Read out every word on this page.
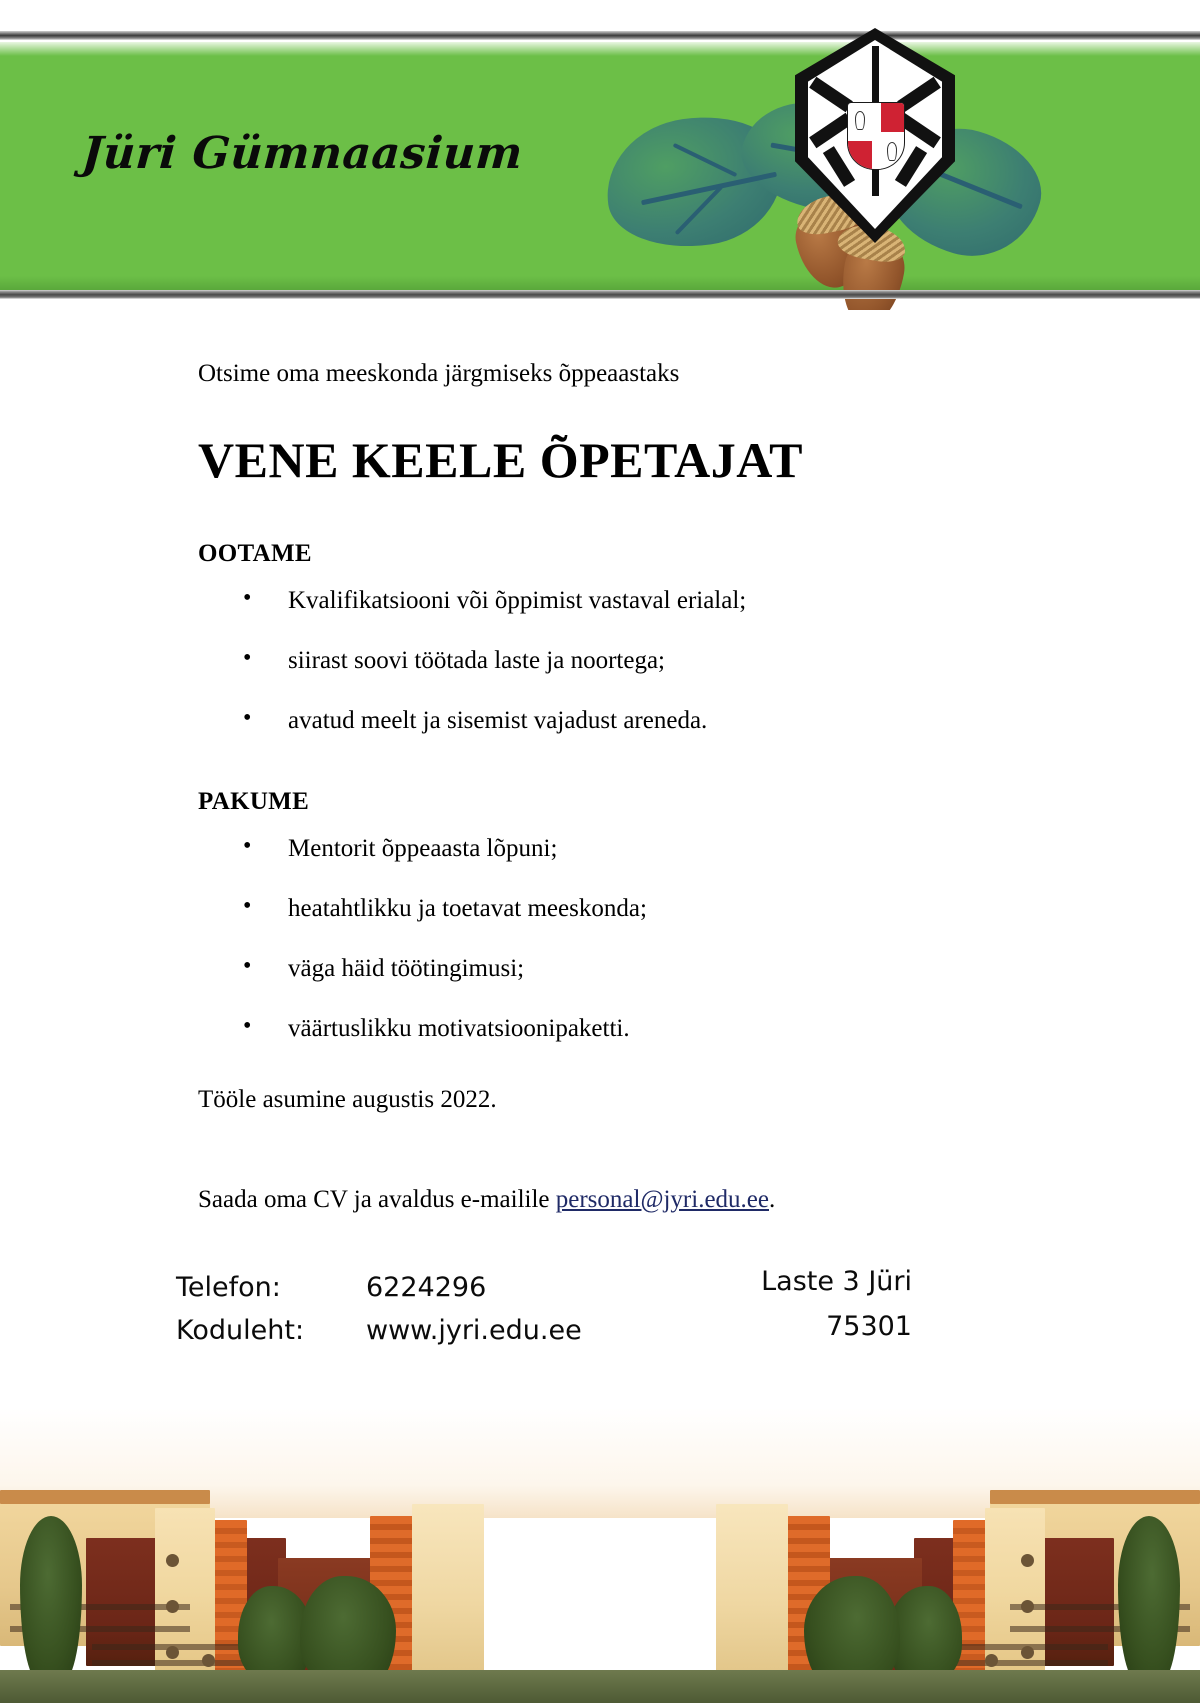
Jüri Gümnaasium
Otsime oma meeskonda järgmiseks õppeaastaks
VENE KEELE ÕPETAJAT
OOTAME
• Kvalifikatsiooni või õppimist vastaval erialal;
• siirast soovi töötada laste ja noortega;
• avatud meelt ja sisemist vajadust areneda.
PAKUME
• Mentorit õppeaasta lõpuni;
• heatahtlikku ja toetavat meeskonda;
• väga häid töötingimusi;
• väärtuslikku motivatsioonipaketti.
Tööle asumine augustis 2022.
Saada oma CV ja avaldus e-mailile personal@jyri.edu.ee.
Telefon:	6224296
Koduleht:	www.jyri.edu.ee
Laste 3 Jüri
75301
